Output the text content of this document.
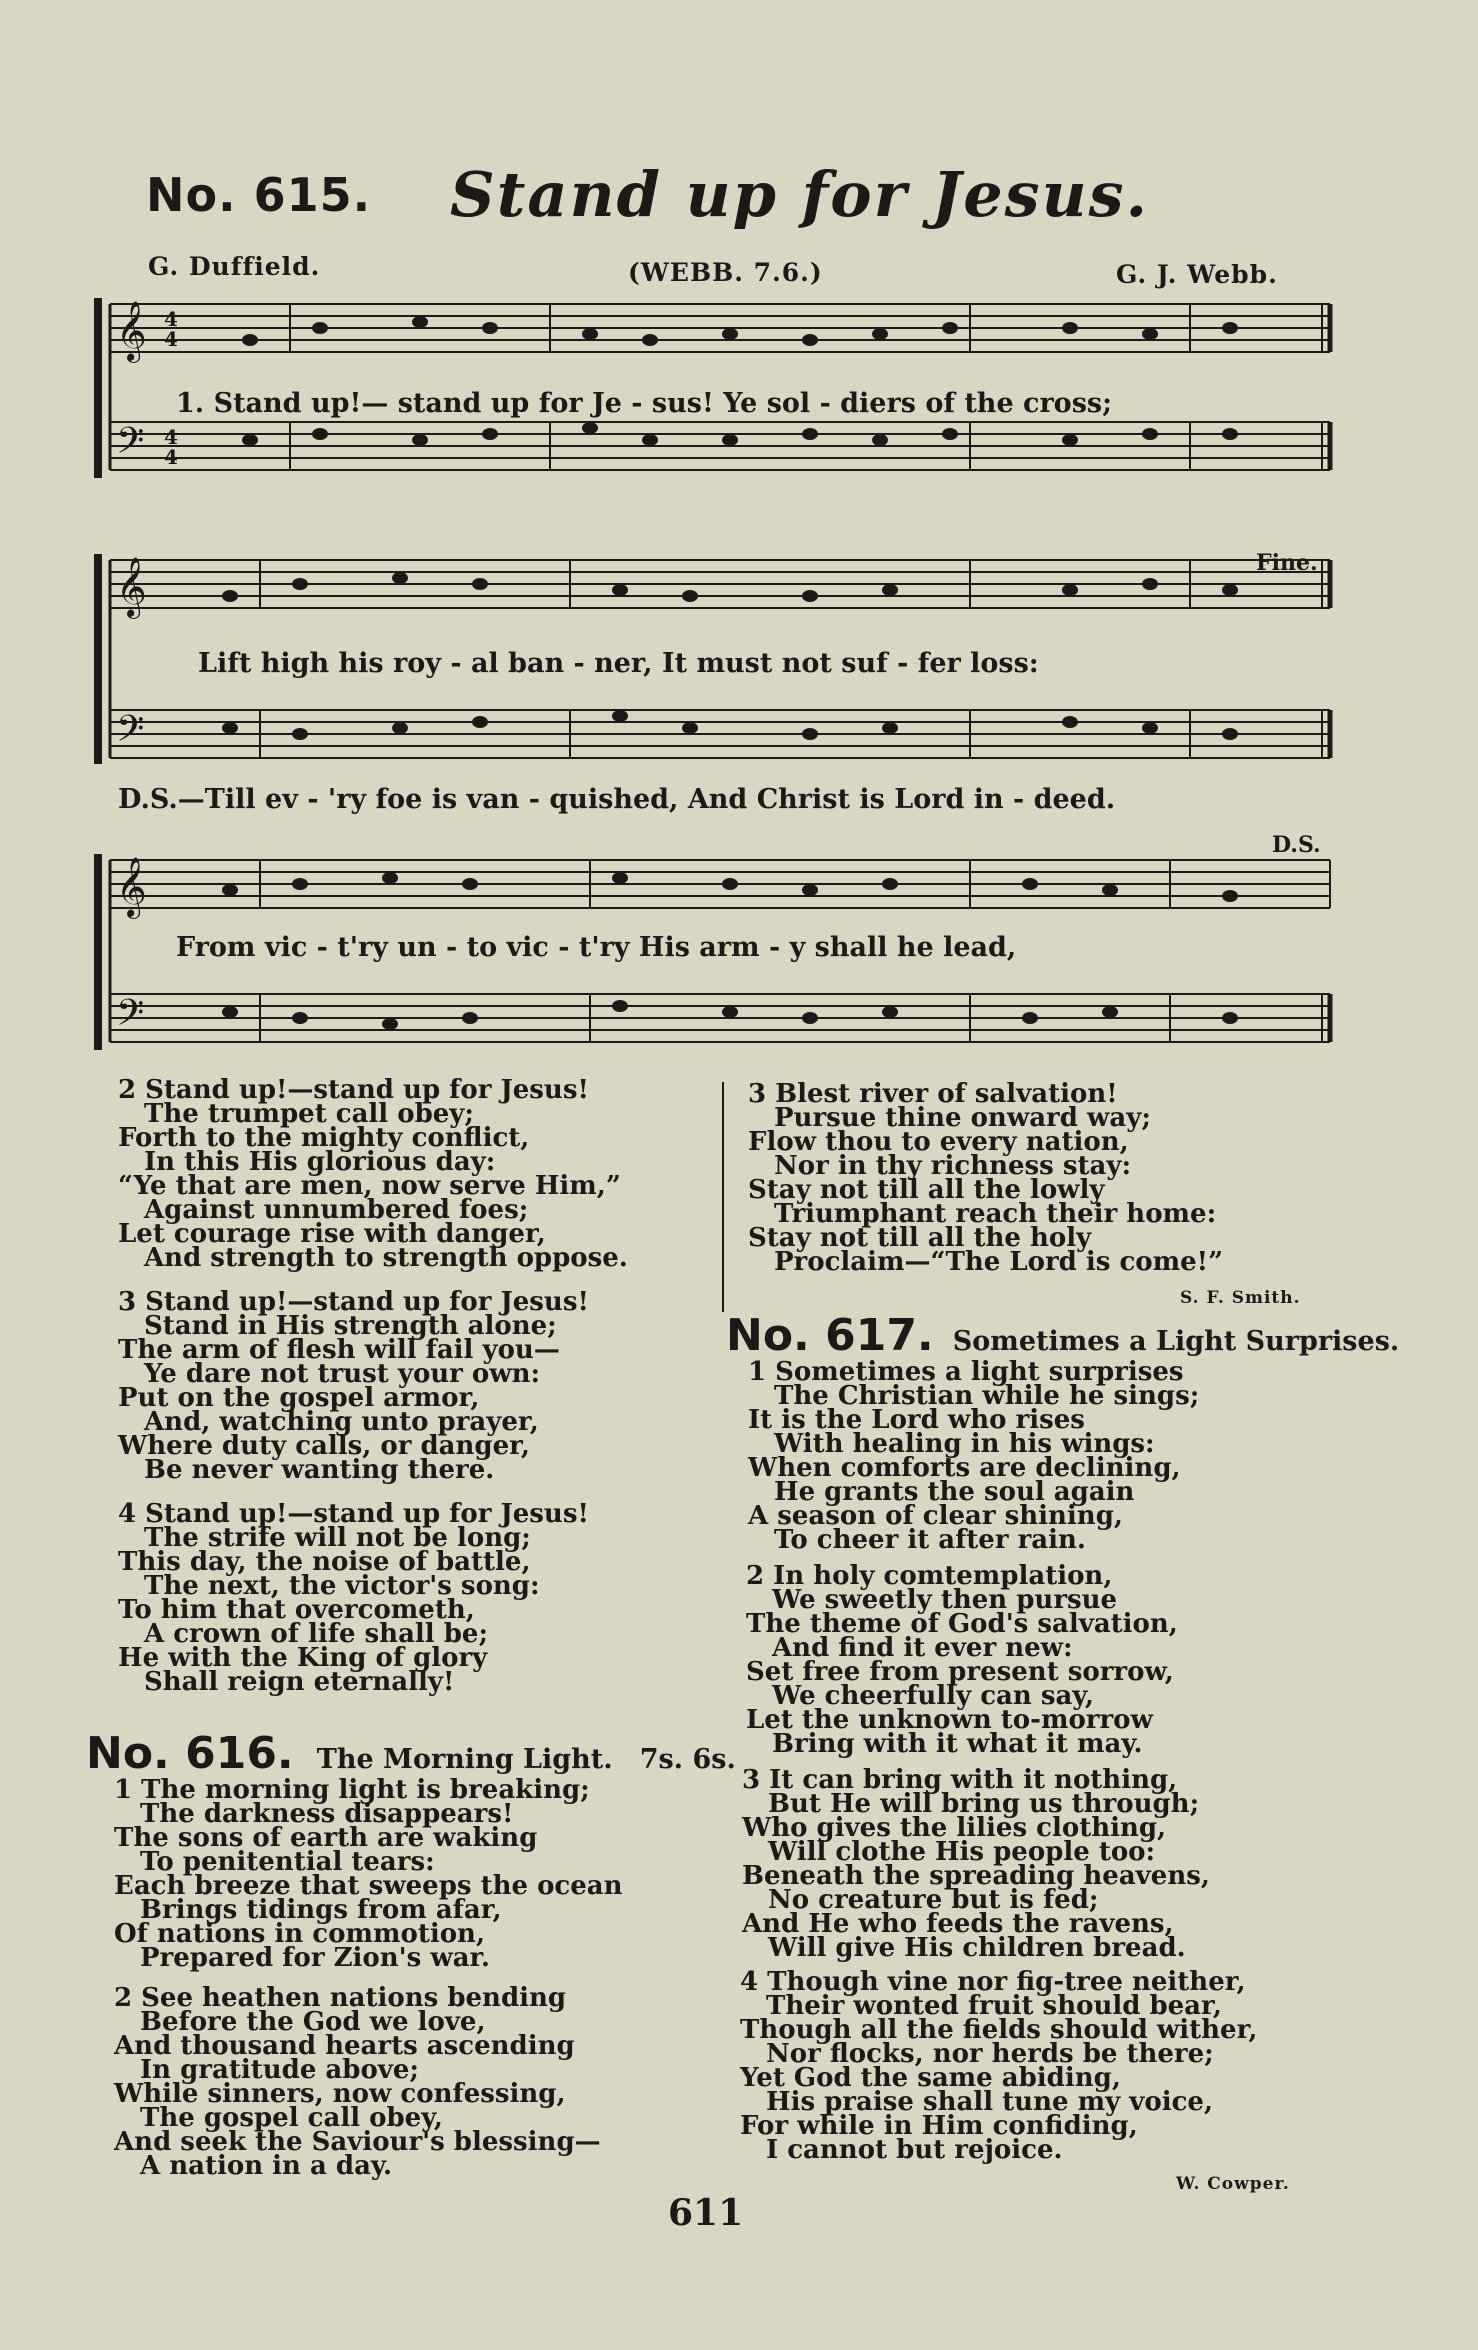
No. 615. Stand up for Jesus.
G. Duffield.	(WEBB. 7.6.)	G. J. Webb.
𝄞
𝄢
4
4
4
4
1. Stand up!— stand up for Je - sus! Ye sol - diers of the cross;
𝄞
𝄢
Fine.
Lift high his roy - al ban - ner, It must not suf - fer loss:
D.S.—Till ev - 'ry foe is van - quished, And Christ is Lord in - deed.
𝄞
𝄢
D.S.
From vic - t'ry un - to vic - t'ry His arm - y shall he lead,
2 Stand up!—stand up for Jesus!
The trumpet call obey;
Forth to the mighty conflict,
In this His glorious day:
“Ye that are men, now serve Him,”
Against unnumbered foes;
Let courage rise with danger,
And strength to strength oppose.
3 Stand up!—stand up for Jesus!
Stand in His strength alone;
The arm of flesh will fail you—
Ye dare not trust your own:
Put on the gospel armor,
And, watching unto prayer,
Where duty calls, or danger,
Be never wanting there.
4 Stand up!—stand up for Jesus!
The strife will not be long;
This day, the noise of battle,
The next, the victor's song:
To him that overcometh,
A crown of life shall be;
He with the King of glory
Shall reign eternally!
No. 616. The Morning Light. 7s. 6s.
1 The morning light is breaking;
The darkness disappears!
The sons of earth are waking
To penitential tears:
Each breeze that sweeps the ocean
Brings tidings from afar,
Of nations in commotion,
Prepared for Zion's war.
2 See heathen nations bending
Before the God we love,
And thousand hearts ascending
In gratitude above;
While sinners, now confessing,
The gospel call obey,
And seek the Saviour's blessing—
A nation in a day.
3 Blest river of salvation!
Pursue thine onward way;
Flow thou to every nation,
Nor in thy richness stay:
Stay not till all the lowly
Triumphant reach their home:
Stay not till all the holy
Proclaim—“The Lord is come!”
S. F. Smith.
No. 617. Sometimes a Light Surprises.
1 Sometimes a light surprises
The Christian while he sings;
It is the Lord who rises
With healing in his wings:
When comforts are declining,
He grants the soul again
A season of clear shining,
To cheer it after rain.
2 In holy comtemplation,
We sweetly then pursue
The theme of God's salvation,
And find it ever new:
Set free from present sorrow,
We cheerfully can say,
Let the unknown to-morrow
Bring with it what it may.
3 It can bring with it nothing,
But He will bring us through;
Who gives the lilies clothing,
Will clothe His people too:
Beneath the spreading heavens,
No creature but is fed;
And He who feeds the ravens,
Will give His children bread.
4 Though vine nor fig-tree neither,
Their wonted fruit should bear,
Though all the fields should wither,
Nor flocks, nor herds be there;
Yet God the same abiding,
His praise shall tune my voice,
For while in Him confiding,
I cannot but rejoice.
W. Cowper.
611
